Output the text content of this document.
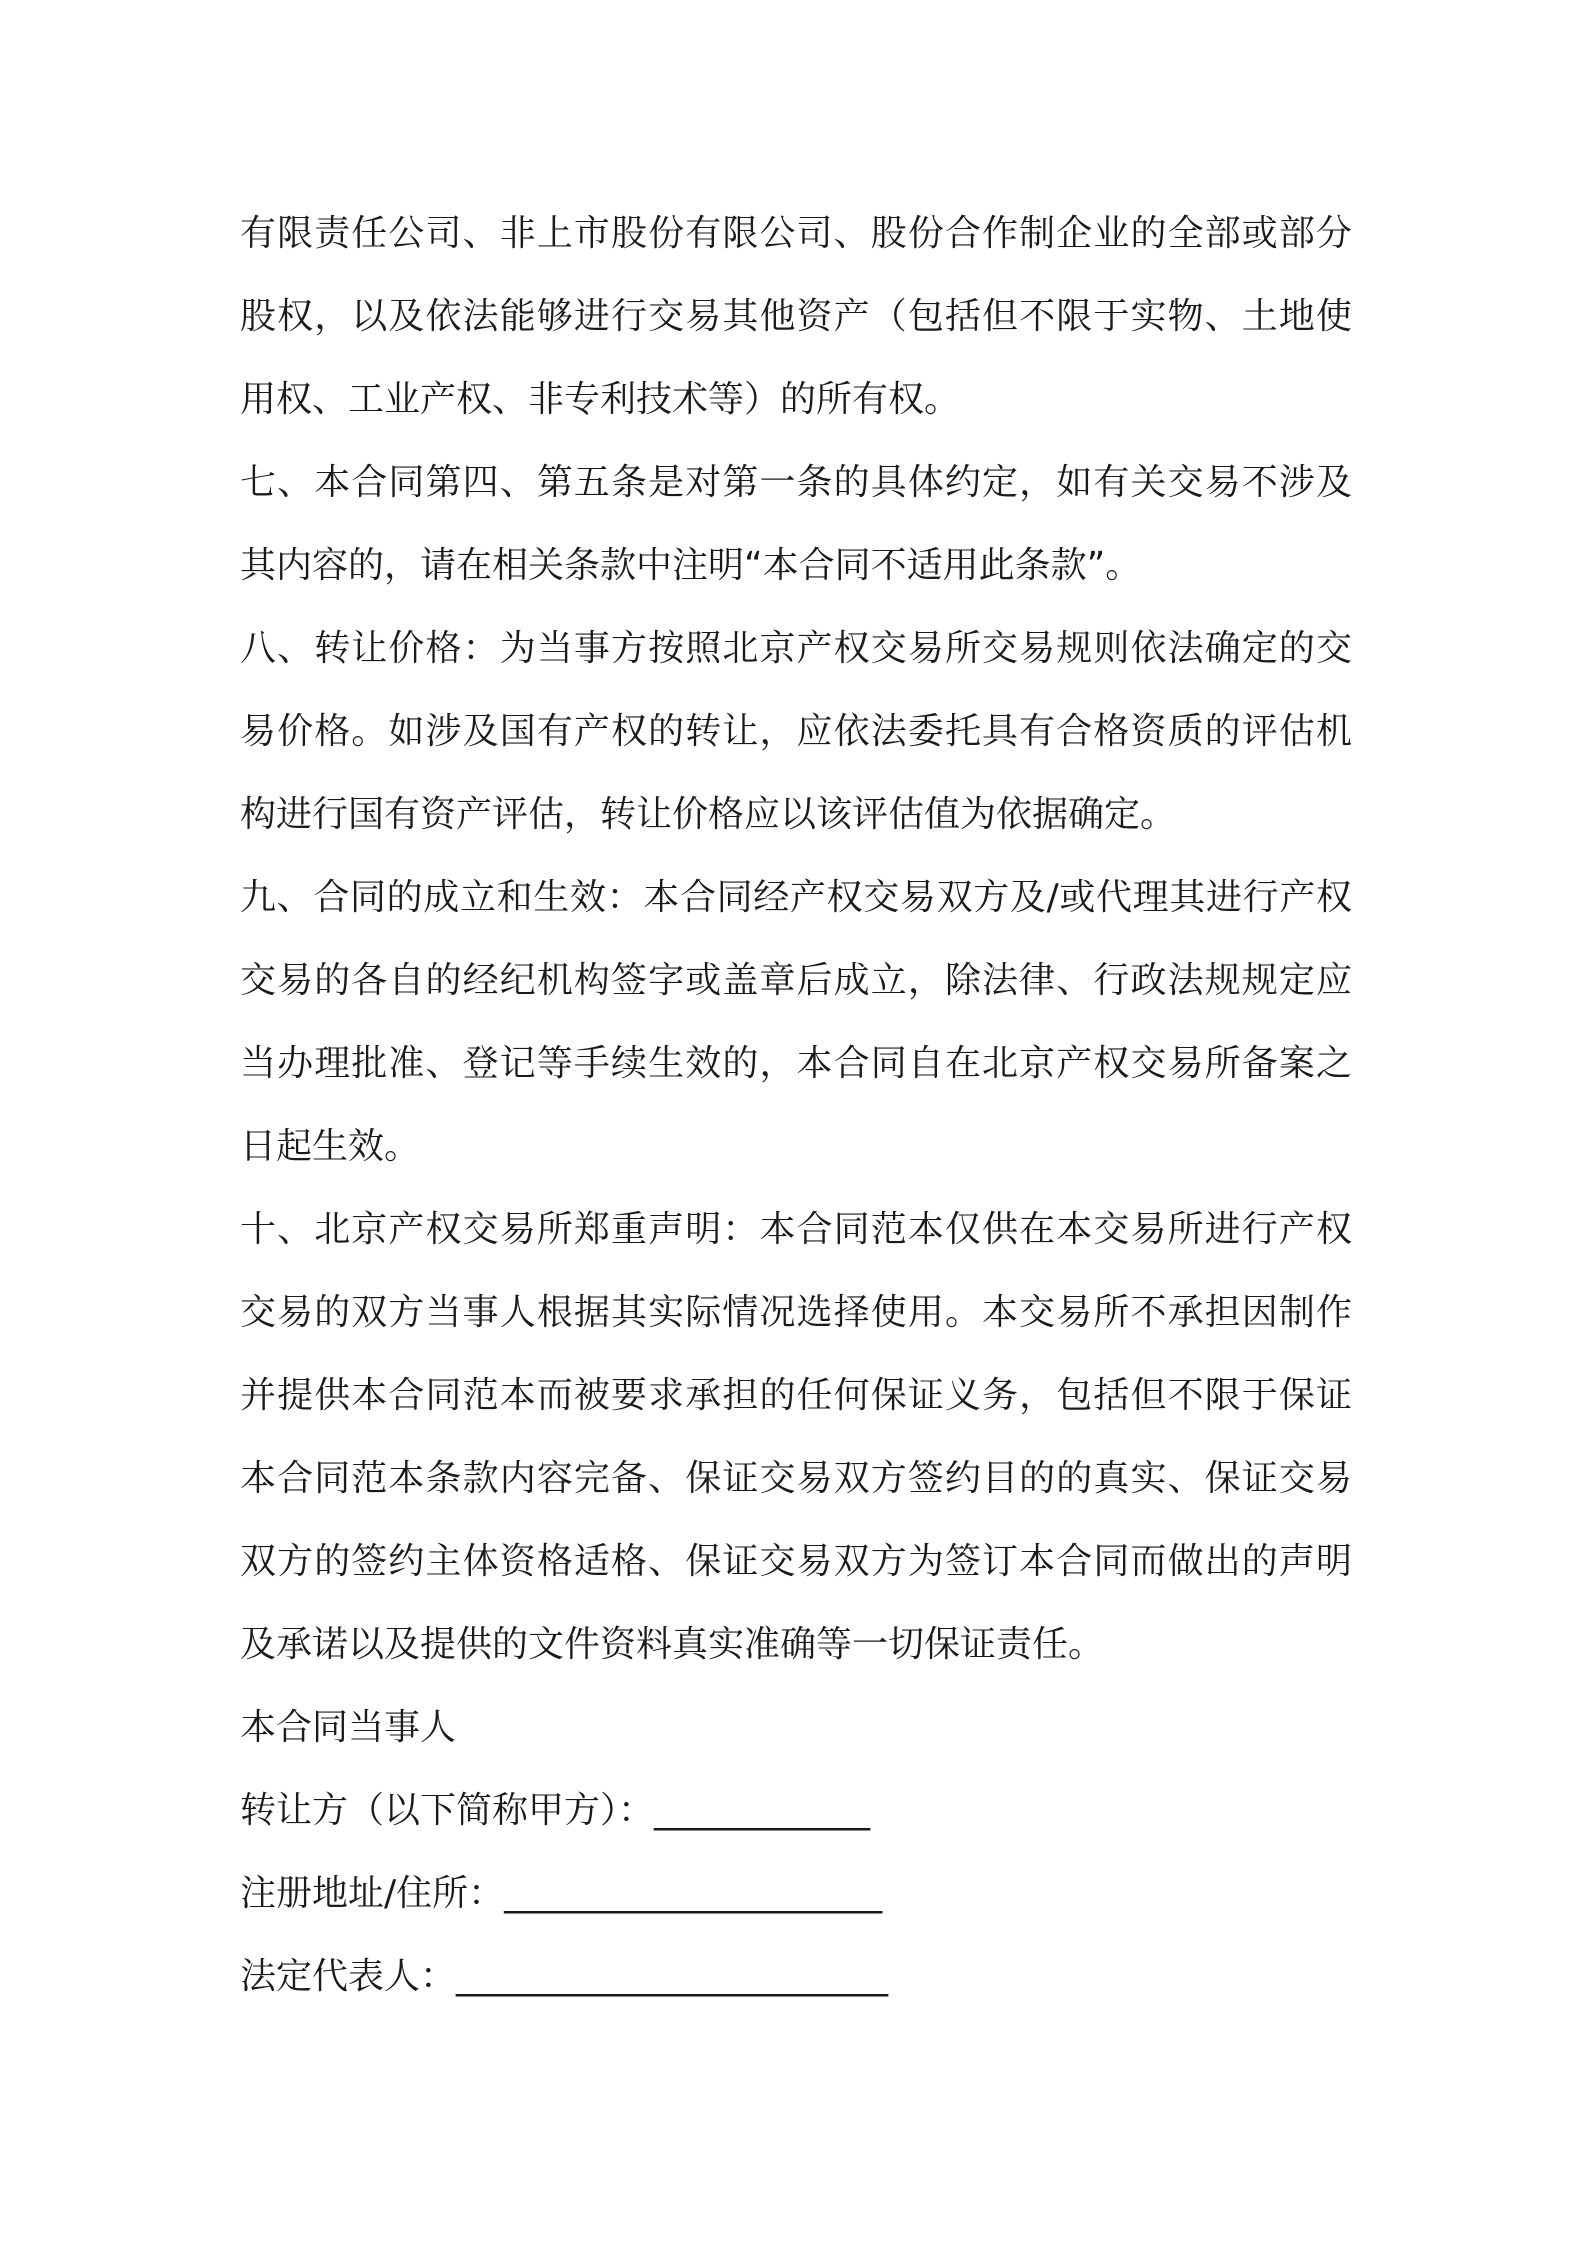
有限责任公司、非上市股份有限公司、股份合作制企业的全部或部分股权，以及依法能够进行交易其他资产（包括但不限于实物、土地使用权、工业产权、非专利技术等）的所有权。

七、本合同第四、第五条是对第一条的具体约定，如有关交易不涉及其内容的，请在相关条款中注明“本合同不适用此条款”。

八、转让价格：为当事方按照北京产权交易所交易规则依法确定的交易价格。如涉及国有产权的转让，应依法委托具有合格资质的评估机构进行国有资产评估，转让价格应以该评估值为依据确定。

九、合同的成立和生效：本合同经产权交易双方及/或代理其进行产权交易的各自的经纪机构签字或盖章后成立，除法律、行政法规规定应当办理批准、登记等手续生效的，本合同自在北京产权交易所备案之日起生效。

十、北京产权交易所郑重声明：本合同范本仅供在本交易所进行产权交易的双方当事人根据其实际情况选择使用。本交易所不承担因制作并提供本合同范本而被要求承担的任何保证义务，包括但不限于保证本合同范本条款内容完备、保证交易双方签约目的的真实、保证交易双方的签约主体资格适格、保证交易双方为签订本合同而做出的声明及承诺以及提供的文件资料真实准确等一切保证责任。

本合同当事人

转让方（以下简称甲方）：____________

注册地址/住所：_____________________

法定代表人：________________________
